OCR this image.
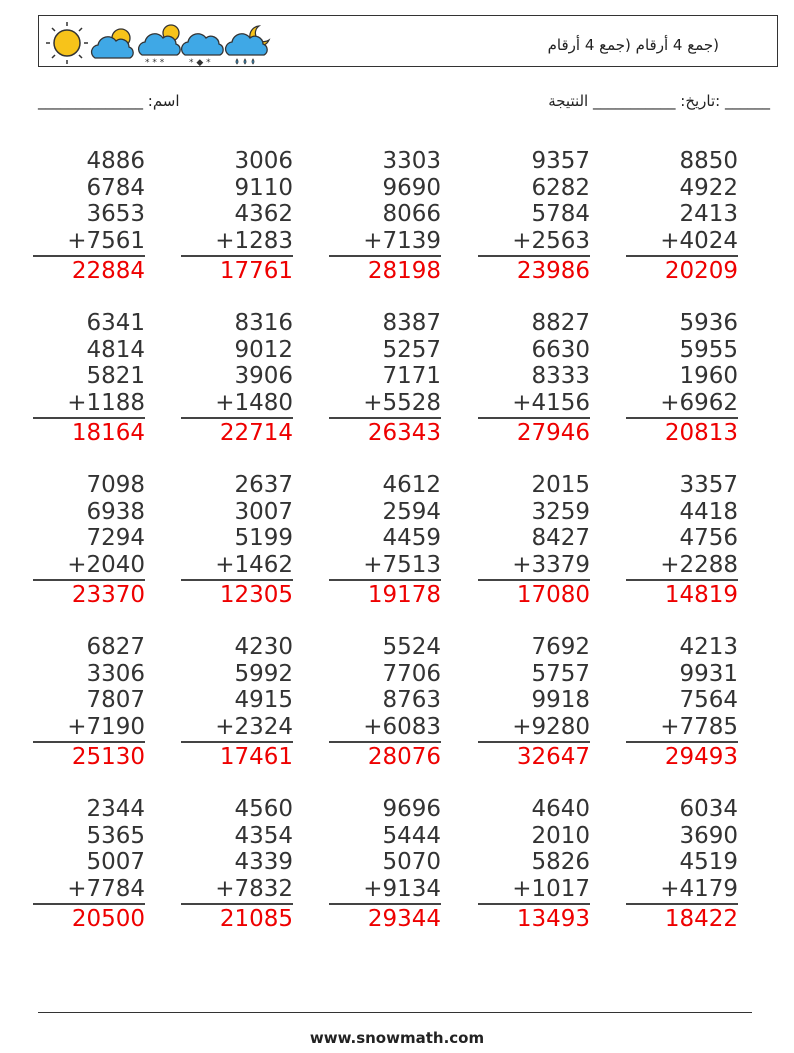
* * *	* ◆ *
(جمع 4 أرقام (جمع 4 أرقام
اسم: ______________	______ :تاريخ: ___________ النتيجة
8850
4922
2413
+4024
20209
9357
6282
5784
+2563
23986
3303
9690
8066
+7139
28198
3006
9110
4362
+1283
17761
4886
6784
3653
+7561
22884
5936
5955
1960
+6962
20813
8827
6630
8333
+4156
27946
8387
5257
7171
+5528
26343
8316
9012
3906
+1480
22714
6341
4814
5821
+1188
18164
3357
4418
4756
+2288
14819
2015
3259
8427
+3379
17080
4612
2594
4459
+7513
19178
2637
3007
5199
+1462
12305
7098
6938
7294
+2040
23370
4213
9931
7564
+7785
29493
7692
5757
9918
+9280
32647
5524
7706
8763
+6083
28076
4230
5992
4915
+2324
17461
6827
3306
7807
+7190
25130
6034
3690
4519
+4179
18422
4640
2010
5826
+1017
13493
9696
5444
5070
+9134
29344
4560
4354
4339
+7832
21085
2344
5365
5007
+7784
20500
www.snowmath.com
